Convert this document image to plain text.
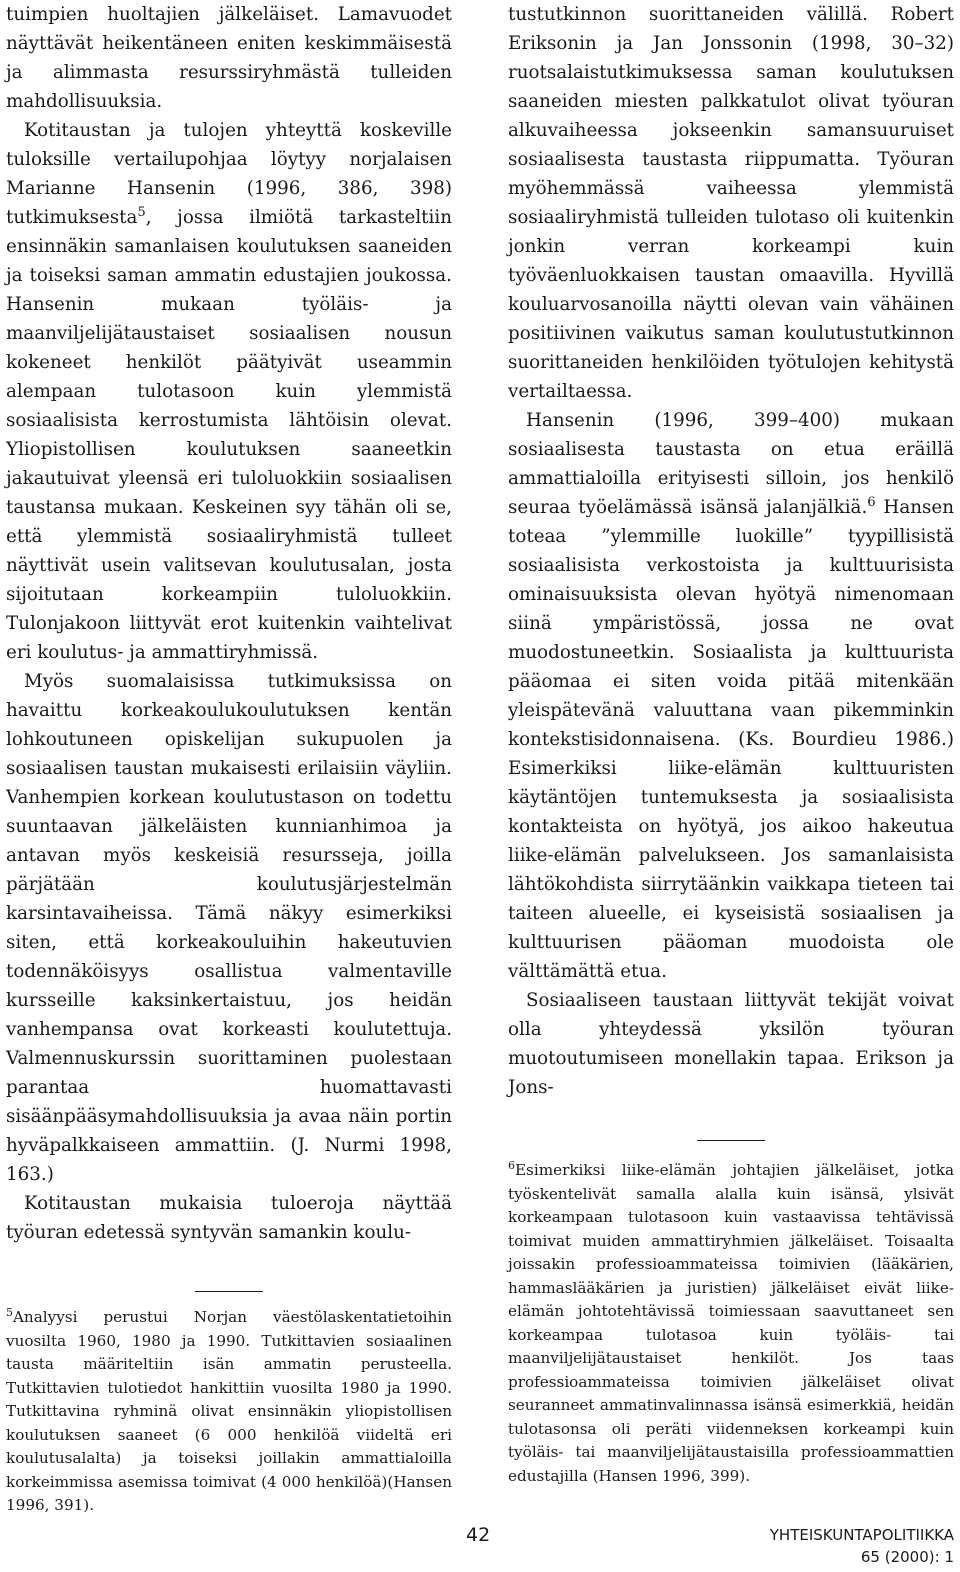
tuimpien huoltajien jälkeläiset. Lamavuodet näyttävät heikentäneen eniten keskimmäisestä ja alimmasta resurssiryhmästä tulleiden mahdollisuuksia.

Kotitaustan ja tulojen yhteyttä koskeville tuloksille vertailupohjaa löytyy norjalaisen Marianne Hansenin (1996, 386, 398) tutkimuksesta$^5$, jossa ilmiötä tarkasteltiin ensinnäkin samanlaisen koulutuksen saaneiden ja toiseksi saman ammatin edustajien joukossa. Hansenin mukaan työläis- ja maanviljelijätaustaiset sosiaalisen nousun kokeneet henkilöt päätyivät useammin alempaan tulotasoon kuin ylemmistä sosiaalisista kerrostumista lähtöisin olevat. Yliopistollisen koulutuksen saaneetkin jakautuivat yleensä eri tuloluokkiin sosiaalisen taustansa mukaan. Keskeinen syy tähän oli se, että ylemmistä sosiaaliryhmistä tulleet näyttivät usein valitsevan koulutusalan, josta sijoitutaan korkeampiin tuloluokkiin. Tulonjakoon liittyvät erot kuitenkin vaihtelivat eri koulutus- ja ammattiryhmissä.

Myös suomalaisissa tutkimuksissa on havaittu korkeakoulukoulutuksen kentän lohkoutuneen opiskelijan sukupuolen ja sosiaalisen taustan mukaisesti erilaisiin väyliin. Vanhempien korkean koulutustason on todettu suuntaavan jälkeläisten kunnianhimoa ja antavan myös keskeisiä resursseja, joilla pärjätään koulutusjärjestelmän karsintavaiheissa. Tämä näkyy esimerkiksi siten, että korkeakouluihin hakeutuvien todennäköisyys osallistua valmentaville kursseille kaksinkertaistuu, jos heidän vanhempansa ovat korkeasti koulutettuja. Valmennuskurssin suorittaminen puolestaan parantaa huomattavasti sisäänpääsymahdollisuuksia ja avaa näin portin hyväpalkkaiseen ammattiin. (J. Nurmi 1998, 163.)

Kotitaustan mukaisia tuloeroja näyttää työuran edetessä syntyvän samankin koulu-

$^5$Analyysi perustui Norjan väestölaskentatietoihin vuosilta 1960, 1980 ja 1990. Tutkittavien sosiaalinen tausta määriteltiin isän ammatin perusteella. Tutkittavien tulotiedot hankittiin vuosilta 1980 ja 1990. Tutkittavina ryhminä olivat ensinnäkin yliopistollisen koulutuksen saaneet (6 000 henkilöä viideltä eri koulutusalalta) ja toiseksi joillakin ammattialoilla korkeimmissa asemissa toimivat (4 000 henkilöä)(Hansen 1996, 391).

tustutkinnon suorittaneiden välillä. Robert Eriksonin ja Jan Jonssonin (1998, 30–32) ruotsalaistutkimuksessa saman koulutuksen saaneiden miesten palkkatulot olivat työuran alkuvaiheessa jokseenkin samansuuruiset sosiaalisesta taustasta riippumatta. Työuran myöhemmässä vaiheessa ylemmistä sosiaaliryhmistä tulleiden tulotaso oli kuitenkin jonkin verran korkeampi kuin työväenluokkaisen taustan omaavilla. Hyvillä kouluarvosanoilla näytti olevan vain vähäinen positiivinen vaikutus saman koulutustutkinnon suorittaneiden henkilöiden työtulojen kehitystä vertailtaessa.

Hansenin (1996, 399–400) mukaan sosiaalisesta taustasta on etua eräillä ammattialoilla erityisesti silloin, jos henkilö seuraa työelämässä isänsä jalanjälkiä.$^6$ Hansen toteaa ”ylemmille luokille” tyypillisistä sosiaalisista verkostoista ja kulttuurisista ominaisuuksista olevan hyötyä nimenomaan siinä ympäristössä, jossa ne ovat muodostuneetkin. Sosiaalista ja kulttuurista pääomaa ei siten voida pitää mitenkään yleispätevänä valuuttana vaan pikemminkin kontekstisidonnaisena. (Ks. Bourdieu 1986.) Esimerkiksi liike-elämän kulttuuristen käytäntöjen tuntemuksesta ja sosiaalisista kontakteista on hyötyä, jos aikoo hakeutua liike-elämän palvelukseen. Jos samanlaisista lähtökohdista siirrytäänkin vaikkapa tieteen tai taiteen alueelle, ei kyseisistä sosiaalisen ja kulttuurisen pääoman muodoista ole välttämättä etua.

Sosiaaliseen taustaan liittyvät tekijät voivat olla yhteydessä yksilön työuran muotoutumiseen monellakin tapaa. Erikson ja Jons-

$^6$Esimerkiksi liike-elämän johtajien jälkeläiset, jotka työskentelivät samalla alalla kuin isänsä, ylsivät korkeampaan tulotasoon kuin vastaavissa tehtävissä toimivat muiden ammattiryhmien jälkeläiset. Toisaalta joissakin professioammateissa toimivien (lääkärien, hammaslääkärien ja juristien) jälkeläiset eivät liike-elämän johtotehtävissä toimiessaan saavuttaneet sen korkeampaa tulotasoa kuin työläis- tai maanviljelijätaustaiset henkilöt. Jos taas professioammateissa toimivien jälkeläiset olivat seuranneet ammatinvalinnassa isänsä esimerkkiä, heidän tulotasonsa oli peräti viidenneksen korkeampi kuin työläis- tai maanviljelijätaustaisilla professioammattien edustajilla (Hansen 1996, 399).

42	YHTEISKUNTAPOLITIIKKA
65 (2000): 1
